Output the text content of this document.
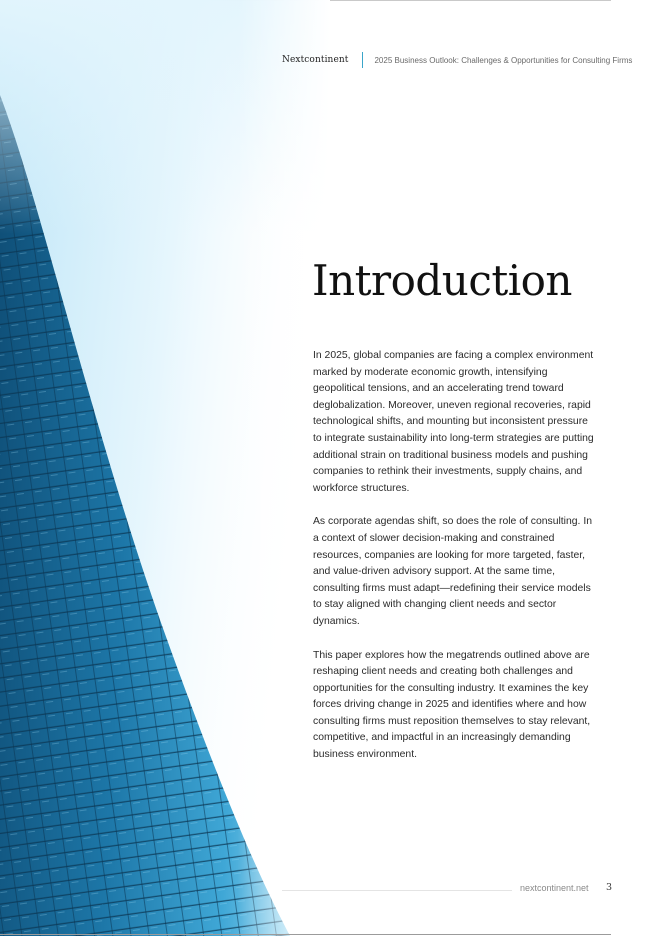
Nextcontinent	2025 Business Outlook: Challenges & Opportunities for Consulting Firms
Introduction

In 2025, global companies are facing a complex environment marked by moderate economic growth, intensifying geopolitical tensions, and an accelerating trend toward deglobalization. Moreover, uneven regional recoveries, rapid technological shifts, and mounting but inconsistent pressure to integrate sustainability into long-term strategies are putting additional strain on traditional business models and pushing companies to rethink their investments, supply chains, and workforce structures.

As corporate agendas shift, so does the role of consulting. In a context of slower decision-making and constrained resources, companies are looking for more targeted, faster, and value-driven advisory support. At the same time, consulting firms must adapt—redefining their service models to stay aligned with changing client needs and sector dynamics.

This paper explores how the megatrends outlined above are reshaping client needs and creating both challenges and opportunities for the consulting industry. It examines the key forces driving change in 2025 and identifies where and how consulting firms must reposition themselves to stay relevant, competitive, and impactful in an increasingly demanding business environment.

nextcontinent.net 3
